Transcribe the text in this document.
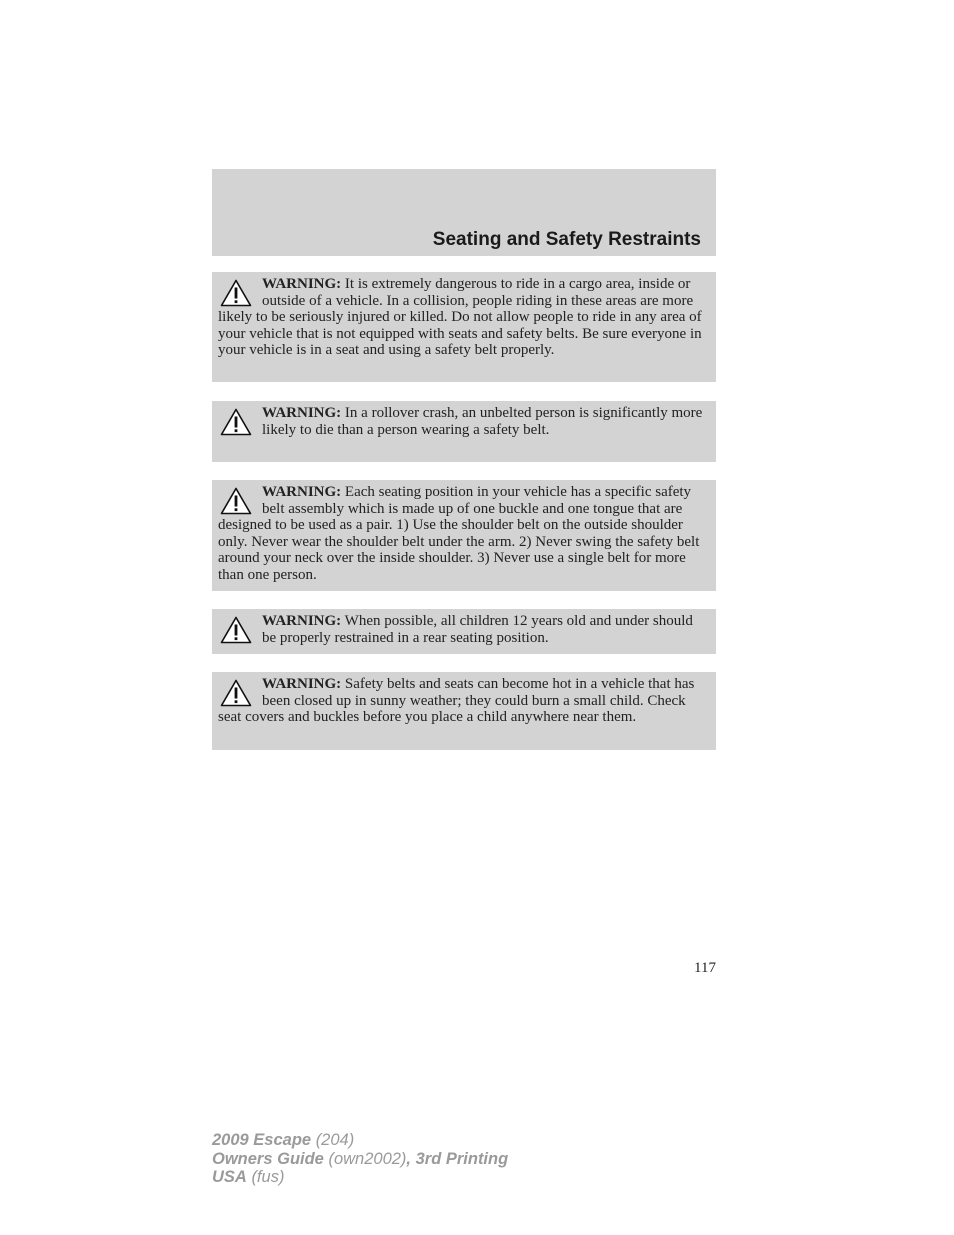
Seating and Safety Restraints
WARNING: It is extremely dangerous to ride in a cargo area, inside or outside of a vehicle. In a collision, people riding in these areas are more likely to be seriously injured or killed. Do not allow people to ride in any area of your vehicle that is not equipped with seats and safety belts. Be sure everyone in your vehicle is in a seat and using a safety belt properly.
WARNING: In a rollover crash, an unbelted person is significantly more likely to die than a person wearing a safety belt.
WARNING: Each seating position in your vehicle has a specific safety belt assembly which is made up of one buckle and one tongue that are designed to be used as a pair. 1) Use the shoulder belt on the outside shoulder only. Never wear the shoulder belt under the arm. 2) Never swing the safety belt around your neck over the inside shoulder. 3) Never use a single belt for more than one person.
WARNING: When possible, all children 12 years old and under should be properly restrained in a rear seating position.
WARNING: Safety belts and seats can become hot in a vehicle that has been closed up in sunny weather; they could burn a small child. Check seat covers and buckles before you place a child anywhere near them.
117
2009 Escape (204)
Owners Guide (own2002), 3rd Printing
USA (fus)
